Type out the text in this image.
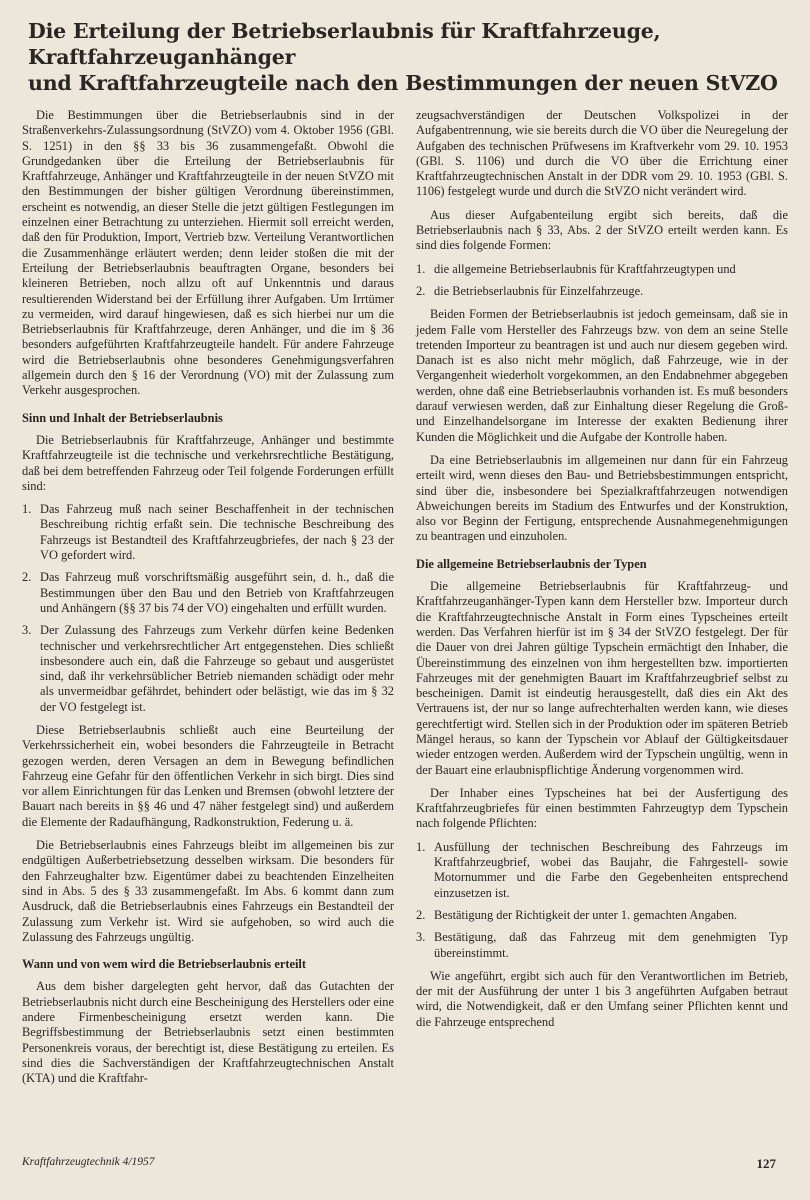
Die Erteilung der Betriebserlaubnis für Kraftfahrzeuge, Kraftfahrzeuganhänger
und Kraftfahrzeugteile nach den Bestimmungen der neuen StVZO

Die Bestimmungen über die Betriebserlaubnis sind in der Straßenverkehrs-Zulassungsordnung (StVZO) vom 4. Oktober 1956 (GBl. S. 1251) in den §§ 33 bis 36 zusammengefaßt. Obwohl die Grundgedanken über die Erteilung der Betriebserlaubnis für Kraftfahrzeuge, Anhänger und Kraftfahrzeugteile in der neuen StVZO mit den Bestimmungen der bisher gültigen Verordnung übereinstimmen, erscheint es notwendig, an dieser Stelle die jetzt gültigen Festlegungen im einzelnen einer Betrachtung zu unterziehen. Hiermit soll erreicht werden, daß den für Produktion, Import, Vertrieb bzw. Verteilung Verantwortlichen die Zusammenhänge erläutert werden; denn leider stoßen die mit der Erteilung der Betriebserlaubnis beauftragten Organe, besonders bei kleineren Betrieben, noch allzu oft auf Unkenntnis und daraus resultierenden Widerstand bei der Erfüllung ihrer Aufgaben. Um Irrtümer zu vermeiden, wird darauf hingewiesen, daß es sich hierbei nur um die Betriebserlaubnis für Kraftfahrzeuge, deren Anhänger, und die im § 36 besonders aufgeführten Kraftfahrzeugteile handelt. Für andere Fahrzeuge wird die Betriebserlaubnis ohne besonderes Genehmigungsverfahren allgemein durch den § 16 der Verordnung (VO) mit der Zulassung zum Verkehr ausgesprochen.

Sinn und Inhalt der Betriebserlaubnis

Die Betriebserlaubnis für Kraftfahrzeuge, Anhänger und bestimmte Kraftfahrzeugteile ist die technische und verkehrsrechtliche Bestätigung, daß bei dem betreffenden Fahrzeug oder Teil folgende Forderungen erfüllt sind:

1. Das Fahrzeug muß nach seiner Beschaffenheit in der technischen Beschreibung richtig erfaßt sein. Die technische Beschreibung des Fahrzeugs ist Bestandteil des Kraftfahrzeugbriefes, der nach § 23 der VO gefordert wird.
2. Das Fahrzeug muß vorschriftsmäßig ausgeführt sein, d. h., daß die Bestimmungen über den Bau und den Betrieb von Kraftfahrzeugen und Anhängern (§§ 37 bis 74 der VO) eingehalten und erfüllt wurden.
3. Der Zulassung des Fahrzeugs zum Verkehr dürfen keine Bedenken technischer und verkehrsrechtlicher Art entgegenstehen. Dies schließt insbesondere auch ein, daß die Fahrzeuge so gebaut und ausgerüstet sind, daß ihr verkehrsüblicher Betrieb niemanden schädigt oder mehr als unvermeidbar gefährdet, behindert oder belästigt, wie das im § 32 der VO festgelegt ist.

Diese Betriebserlaubnis schließt auch eine Beurteilung der Verkehrssicherheit ein, wobei besonders die Fahrzeugteile in Betracht gezogen werden, deren Versagen an dem in Bewegung befindlichen Fahrzeug eine Gefahr für den öffentlichen Verkehr in sich birgt. Dies sind vor allem Einrichtungen für das Lenken und Bremsen (obwohl letztere der Bauart nach bereits in §§ 46 und 47 näher festgelegt sind) und außerdem die Elemente der Radaufhängung, Radkonstruktion, Federung u. ä.

Die Betriebserlaubnis eines Fahrzeugs bleibt im allgemeinen bis zur endgültigen Außerbetriebsetzung desselben wirksam. Die besonders für den Fahrzeughalter bzw. Eigentümer dabei zu beachtenden Einzelheiten sind in Abs. 5 des § 33 zusammengefaßt. Im Abs. 6 kommt dann zum Ausdruck, daß die Betriebserlaubnis eines Fahrzeugs ein Bestandteil der Zulassung zum Verkehr ist. Wird sie aufgehoben, so wird auch die Zulassung des Fahrzeugs ungültig.

Wann und von wem wird die Betriebserlaubnis erteilt

Aus dem bisher dargelegten geht hervor, daß das Gutachten der Betriebserlaubnis nicht durch eine Bescheinigung des Herstellers oder eine andere Firmenbescheinigung ersetzt werden kann. Die Begriffsbestimmung der Betriebserlaubnis setzt einen bestimmten Personenkreis voraus, der berechtigt ist, diese Bestätigung zu erteilen. Es sind dies die Sachverständigen der Kraftfahrzeugtechnischen Anstalt (KTA) und die Kraftfahr-

zeugsachverständigen der Deutschen Volkspolizei in der Aufgabentrennung, wie sie bereits durch die VO über die Neuregelung der Aufgaben des technischen Prüfwesens im Kraftverkehr vom 29. 10. 1953 (GBl. S. 1106) und durch die VO über die Errichtung einer Kraftfahrzeugtechnischen Anstalt in der DDR vom 29. 10. 1953 (GBl. S. 1106) festgelegt wurde und durch die StVZO nicht verändert wird.

Aus dieser Aufgabenteilung ergibt sich bereits, daß die Betriebserlaubnis nach § 33, Abs. 2 der StVZO erteilt werden kann. Es sind dies folgende Formen:

1. die allgemeine Betriebserlaubnis für Kraftfahrzeugtypen und
2. die Betriebserlaubnis für Einzelfahrzeuge.

Beiden Formen der Betriebserlaubnis ist jedoch gemeinsam, daß sie in jedem Falle vom Hersteller des Fahrzeugs bzw. von dem an seine Stelle tretenden Importeur zu beantragen ist und auch nur diesem gegeben wird. Danach ist es also nicht mehr möglich, daß Fahrzeuge, wie in der Vergangenheit wiederholt vorgekommen, an den Endabnehmer abgegeben werden, ohne daß eine Betriebserlaubnis vorhanden ist. Es muß besonders darauf verwiesen werden, daß zur Einhaltung dieser Regelung die Groß- und Einzelhandelsorgane im Interesse der exakten Bedienung ihrer Kunden die Möglichkeit und die Aufgabe der Kontrolle haben.

Da eine Betriebserlaubnis im allgemeinen nur dann für ein Fahrzeug erteilt wird, wenn dieses den Bau- und Betriebsbestimmungen entspricht, sind über die, insbesondere bei Spezialkraftfahrzeugen notwendigen Abweichungen bereits im Stadium des Entwurfes und der Konstruktion, also vor Beginn der Fertigung, entsprechende Ausnahmegenehmigungen zu beantragen und einzuholen.

Die allgemeine Betriebserlaubnis der Typen

Die allgemeine Betriebserlaubnis für Kraftfahrzeug- und Kraftfahrzeuganhänger-Typen kann dem Hersteller bzw. Importeur durch die Kraftfahrzeugtechnische Anstalt in Form eines Typscheines erteilt werden. Das Verfahren hierfür ist im § 34 der StVZO festgelegt. Der für die Dauer von drei Jahren gültige Typschein ermächtigt den Inhaber, die Übereinstimmung des einzelnen von ihm hergestellten bzw. importierten Fahrzeuges mit der genehmigten Bauart im Kraftfahrzeugbrief selbst zu bescheinigen. Damit ist eindeutig herausgestellt, daß dies ein Akt des Vertrauens ist, der nur so lange aufrechterhalten werden kann, wie dieses gerechtfertigt wird. Stellen sich in der Produktion oder im späteren Betrieb Mängel heraus, so kann der Typschein vor Ablauf der Gültigkeitsdauer wieder entzogen werden. Außerdem wird der Typschein ungültig, wenn in der Bauart eine erlaubnispflichtige Änderung vorgenommen wird.

Der Inhaber eines Typscheines hat bei der Ausfertigung des Kraftfahrzeugbriefes für einen bestimmten Fahrzeugtyp dem Typschein nach folgende Pflichten:

1. Ausfüllung der technischen Beschreibung des Fahrzeugs im Kraftfahrzeugbrief, wobei das Baujahr, die Fahrgestell- sowie Motornummer und die Farbe den Gegebenheiten entsprechend einzusetzen ist.
2. Bestätigung der Richtigkeit der unter 1. gemachten Angaben.
3. Bestätigung, daß das Fahrzeug mit dem genehmigten Typ übereinstimmt.

Wie angeführt, ergibt sich auch für den Verantwortlichen im Betrieb, der mit der Ausführung der unter 1 bis 3 angeführten Aufgaben betraut wird, die Notwendigkeit, daß er den Umfang seiner Pflichten kennt und die Fahrzeuge entsprechend

Kraftfahrzeugtechnik 4/1957	127
